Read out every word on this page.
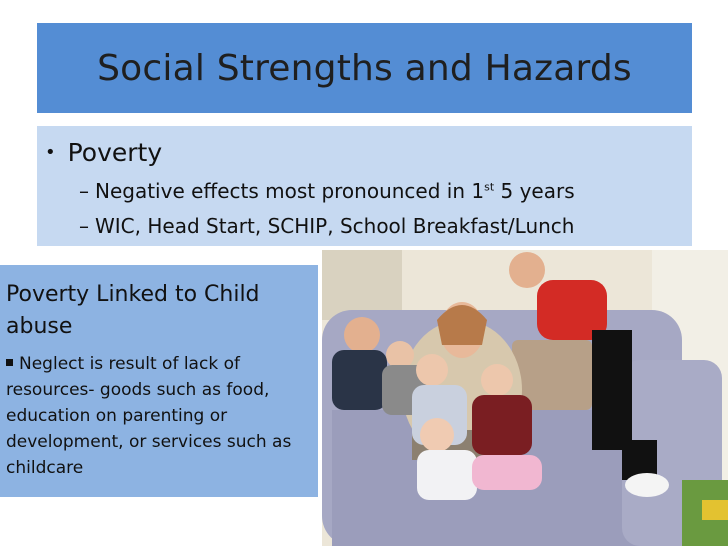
Social Strengths and Hazards
• Poverty
– Negative effects most pronounced in 1st 5 years
– WIC, Head Start, SCHIP, School Breakfast/Lunch
Poverty Linked to Child abuse
Neglect is result of lack of resources- goods such as food, education on parenting or development, or services such as childcare
